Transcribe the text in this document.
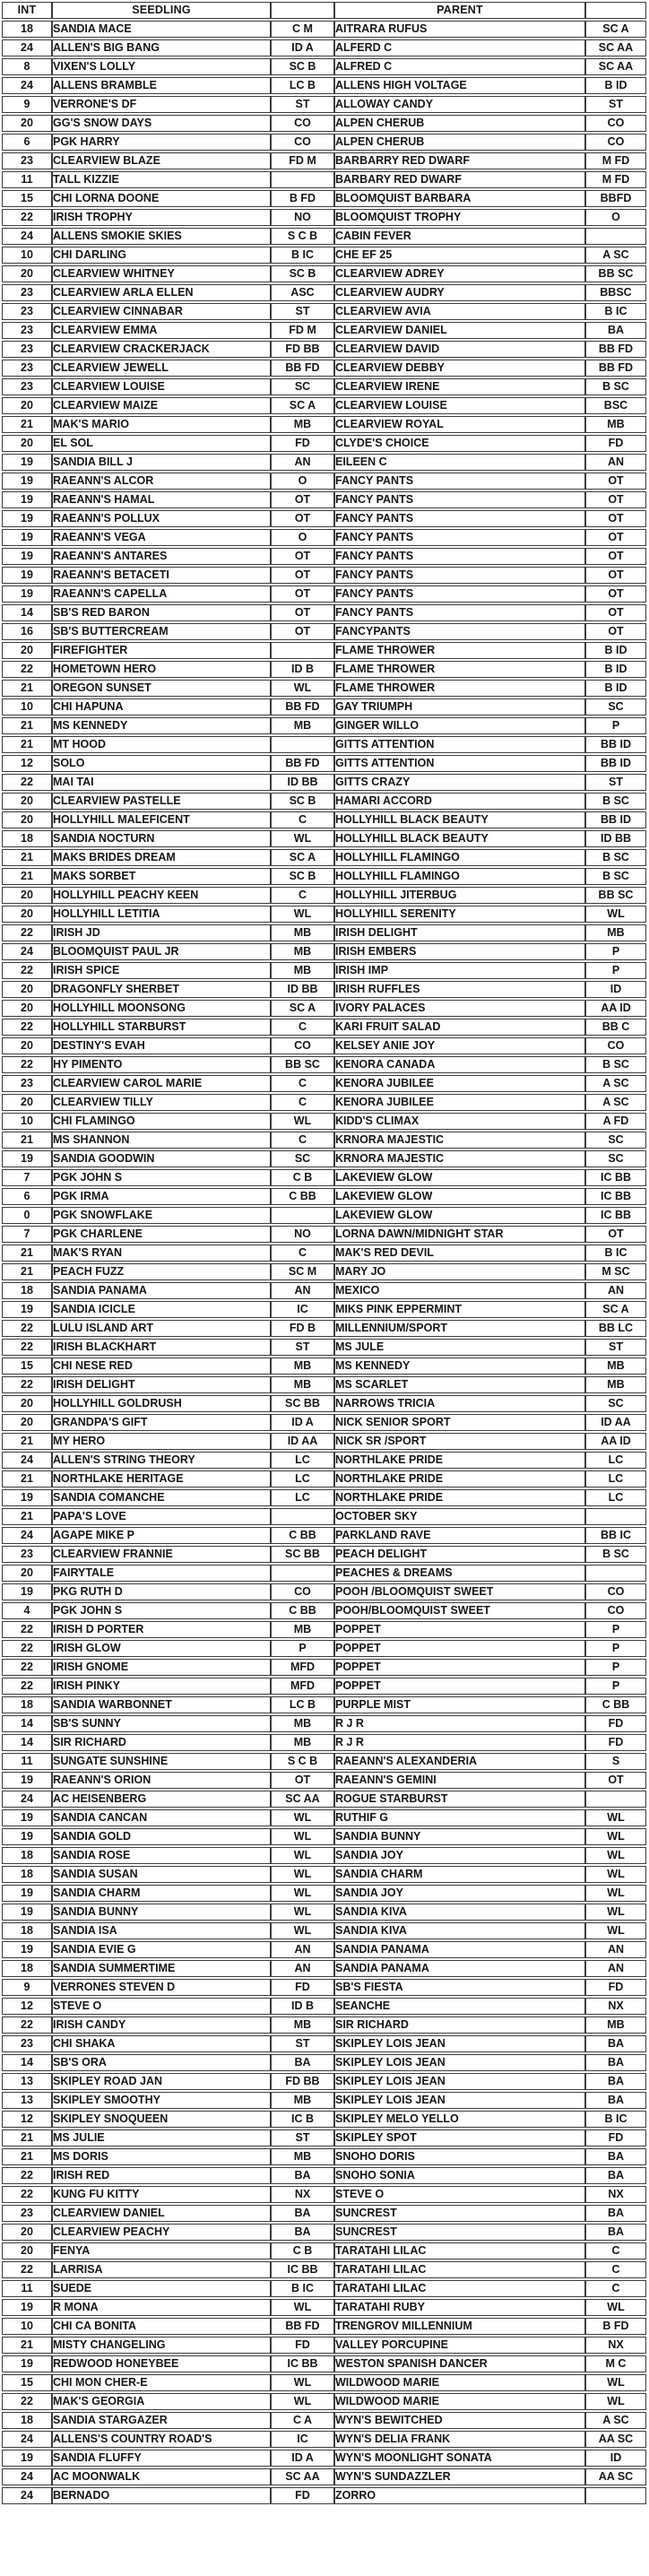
INT	SEEDLING		PARENT	
18	SANDIA MACE	C M	AITRARA RUFUS	SC A
24	ALLEN'S BIG BANG	ID A	ALFERD C	SC AA
8	VIXEN'S LOLLY	SC B	ALFRED C	SC AA
24	ALLENS BRAMBLE	LC B	ALLENS HIGH VOLTAGE	B ID
9	VERRONE'S DF	ST	ALLOWAY CANDY	ST
20	GG'S SNOW DAYS	CO	ALPEN CHERUB	CO
6	PGK HARRY	CO	ALPEN CHERUB	CO
23	CLEARVIEW BLAZE	FD M	BARBARRY RED DWARF	M FD
11	TALL KIZZIE		BARBARY RED DWARF	M FD
15	CHI LORNA DOONE	B FD	BLOOMQUIST BARBARA	BBFD
22	IRISH TROPHY	NO	BLOOMQUIST TROPHY	O
24	ALLENS SMOKIE SKIES	S C B	CABIN FEVER	
10	CHI DARLING	B IC	CHE EF 25	A SC
20	CLEARVIEW WHITNEY	SC B	CLEARVIEW ADREY	BB SC
23	CLEARVIEW ARLA ELLEN	ASC	CLEARVIEW AUDRY	BBSC
23	CLEARVIEW CINNABAR	ST	CLEARVIEW AVIA	B IC
23	CLEARVIEW EMMA	FD M	CLEARVIEW DANIEL	BA
23	CLEARVIEW CRACKERJACK	FD BB	CLEARVIEW DAVID	BB FD
23	CLEARVIEW JEWELL	BB FD	CLEARVIEW DEBBY	BB FD
23	CLEARVIEW LOUISE	SC	CLEARVIEW IRENE	B SC
20	CLEARVIEW MAIZE	SC A	CLEARVIEW LOUISE	BSC
21	MAK'S MARIO	MB	CLEARVIEW ROYAL	MB
20	EL SOL	FD	CLYDE'S CHOICE	FD
19	SANDIA BILL J	AN	EILEEN C	AN
19	RAEANN'S ALCOR	O	FANCY PANTS	OT
19	RAEANN'S HAMAL	OT	FANCY PANTS	OT
19	RAEANN'S POLLUX	OT	FANCY PANTS	OT
19	RAEANN'S VEGA	O	FANCY PANTS	OT
19	RAEANN'S ANTARES	OT	FANCY PANTS	OT
19	RAEANN'S BETACETI	OT	FANCY PANTS	OT
19	RAEANN'S CAPELLA	OT	FANCY PANTS	OT
14	SB'S RED BARON	OT	FANCY PANTS	OT
16	SB'S BUTTERCREAM	OT	FANCYPANTS	OT
20	FIREFIGHTER		FLAME THROWER	B ID
22	HOMETOWN HERO	ID B	FLAME THROWER	B ID
21	OREGON SUNSET	WL	FLAME THROWER	B ID
10	CHI HAPUNA	BB FD	GAY TRIUMPH	SC
21	MS KENNEDY	MB	GINGER WILLO	P
21	MT HOOD		GITTS ATTENTION	BB ID
12	SOLO	BB FD	GITTS ATTENTION	BB ID
22	MAI TAI	ID BB	GITTS CRAZY	ST
20	CLEARVIEW PASTELLE	SC B	HAMARI ACCORD	B SC
20	HOLLYHILL MALEFICENT	C	HOLLYHILL BLACK BEAUTY	BB ID
18	SANDIA NOCTURN	WL	HOLLYHILL BLACK BEAUTY	ID BB
21	MAKS BRIDES DREAM	SC A	HOLLYHILL FLAMINGO	B SC
21	MAKS SORBET	SC B	HOLLYHILL FLAMINGO	B SC
20	HOLLYHILL PEACHY KEEN	C	HOLLYHILL JITERBUG	BB SC
20	HOLLYHILL LETITIA	WL	HOLLYHILL SERENITY	WL
22	IRISH JD	MB	IRISH DELIGHT	MB
24	BLOOMQUIST PAUL JR	MB	IRISH EMBERS	P
22	IRISH SPICE	MB	IRISH IMP	P
20	DRAGONFLY SHERBET	ID BB	IRISH RUFFLES	ID
20	HOLLYHILL MOONSONG	SC A	IVORY PALACES	AA ID
22	HOLLYHILL STARBURST	C	KARI FRUIT SALAD	BB C
20	DESTINY'S EVAH	CO	KELSEY ANIE JOY	CO
22	HY PIMENTO	BB SC	KENORA CANADA	B SC
23	CLEARVIEW CAROL MARIE	C	KENORA JUBILEE	A SC
20	CLEARVIEW TILLY	C	KENORA JUBILEE	A SC
10	CHI FLAMINGO	WL	KIDD'S CLIMAX	A FD
21	MS SHANNON	C	KRNORA MAJESTIC	SC
19	SANDIA GOODWIN	SC	KRNORA MAJESTIC	SC
7	PGK JOHN S	C B	LAKEVIEW GLOW	IC BB
6	PGK IRMA	C BB	LAKEVIEW GLOW	IC BB
0	PGK SNOWFLAKE		LAKEVIEW GLOW	IC BB
7	PGK CHARLENE	NO	LORNA DAWN/MIDNIGHT STAR	OT
21	MAK'S RYAN	C	MAK'S RED DEVIL	B IC
21	PEACH FUZZ	SC M	MARY JO	M SC
18	SANDIA PANAMA	AN	MEXICO	AN
19	SANDIA ICICLE	IC	MIKS PINK EPPERMINT	SC A
22	LULU ISLAND ART	FD B	MILLENNIUM/SPORT	BB LC
22	IRISH BLACKHART	ST	MS JULE	ST
15	CHI NESE RED	MB	MS KENNEDY	MB
22	IRISH DELIGHT	MB	MS SCARLET	MB
20	HOLLYHILL GOLDRUSH	SC BB	NARROWS TRICIA	SC
20	GRANDPA'S GIFT	ID A	NICK SENIOR SPORT	ID AA
21	MY HERO	ID AA	NICK SR /SPORT	AA ID
24	ALLEN'S STRING THEORY	LC	NORTHLAKE PRIDE	LC
21	NORTHLAKE HERITAGE	LC	NORTHLAKE PRIDE	LC
19	SANDIA COMANCHE	LC	NORTHLAKE PRIDE	LC
21	PAPA'S LOVE		OCTOBER SKY	
24	AGAPE MIKE P	C BB	PARKLAND RAVE	BB IC
23	CLEARVIEW FRANNIE	SC BB	PEACH DELIGHT	B SC
20	FAIRYTALE		PEACHES & DREAMS	
19	PKG RUTH D	CO	POOH /BLOOMQUIST SWEET	CO
4	PGK JOHN S	C BB	POOH/BLOOMQUIST SWEET	CO
22	IRISH D PORTER	MB	POPPET	P
22	IRISH GLOW	P	POPPET	P
22	IRISH GNOME	MFD	POPPET	P
22	IRISH PINKY	MFD	POPPET	P
18	SANDIA WARBONNET	LC B	PURPLE MIST	C BB
14	SB'S SUNNY	MB	R J R	FD
14	SIR RICHARD	MB	R J R	FD
11	SUNGATE SUNSHINE	S C B	RAEANN'S ALEXANDERIA	S
19	RAEANN'S ORION	OT	RAEANN'S GEMINI	OT
24	AC HEISENBERG	SC AA	ROGUE STARBURST	
19	SANDIA CANCAN	WL	RUTHIF G	WL
19	SANDIA GOLD	WL	SANDIA BUNNY	WL
18	SANDIA ROSE	WL	SANDIA JOY	WL
18	SANDIA SUSAN	WL	SANDIA CHARM	WL
19	SANDIA CHARM	WL	SANDIA JOY	WL
19	SANDIA BUNNY	WL	SANDIA KIVA	WL
18	SANDIA ISA	WL	SANDIA KIVA	WL
19	SANDIA EVIE G	AN	SANDIA PANAMA	AN
18	SANDIA SUMMERTIME	AN	SANDIA PANAMA	AN
9	VERRONES STEVEN D	FD	SB'S FIESTA	FD
12	STEVE O	ID B	SEANCHE	NX
22	IRISH CANDY	MB	SIR RICHARD	MB
23	CHI SHAKA	ST	SKIPLEY LOIS JEAN	BA
14	SB'S ORA	BA	SKIPLEY LOIS JEAN	BA
13	SKIPLEY ROAD JAN	FD BB	SKIPLEY LOIS JEAN	BA
13	SKIPLEY SMOOTHY	MB	SKIPLEY LOIS JEAN	BA
12	SKIPLEY SNOQUEEN	IC B	SKIPLEY MELO YELLO	B IC
21	MS JULIE	ST	SKIPLEY SPOT	FD
21	MS DORIS	MB	SNOHO DORIS	BA
22	IRISH RED	BA	SNOHO SONIA	BA
22	KUNG FU KITTY	NX	STEVE O	NX
23	CLEARVIEW DANIEL	BA	SUNCREST	BA
20	CLEARVIEW PEACHY	BA	SUNCREST	BA
20	FENYA	C B	TARATAHI LILAC	C
22	LARRISA	IC BB	TARATAHI LILAC	C
11	SUEDE	B IC	TARATAHI LILAC	C
19	R MONA	WL	TARATAHI RUBY	WL
10	CHI CA BONITA	BB FD	TRENGROV MILLENNIUM	B FD
21	MISTY CHANGELING	FD	VALLEY PORCUPINE	NX
19	REDWOOD HONEYBEE	IC BB	WESTON SPANISH DANCER	M C
15	CHI MON CHER-E	WL	WILDWOOD MARIE	WL
22	MAK'S GEORGIA	WL	WILDWOOD MARIE	WL
18	SANDIA STARGAZER	C A	WYN'S BEWITCHED	A SC
24	ALLENS'S COUNTRY ROAD'S	IC	WYN'S DELIA FRANK	AA SC
19	SANDIA FLUFFY	ID A	WYN'S MOONLIGHT SONATA	ID
24	AC MOONWALK	SC AA	WYN'S SUNDAZZLER	AA SC
24	BERNADO	FD	ZORRO	
